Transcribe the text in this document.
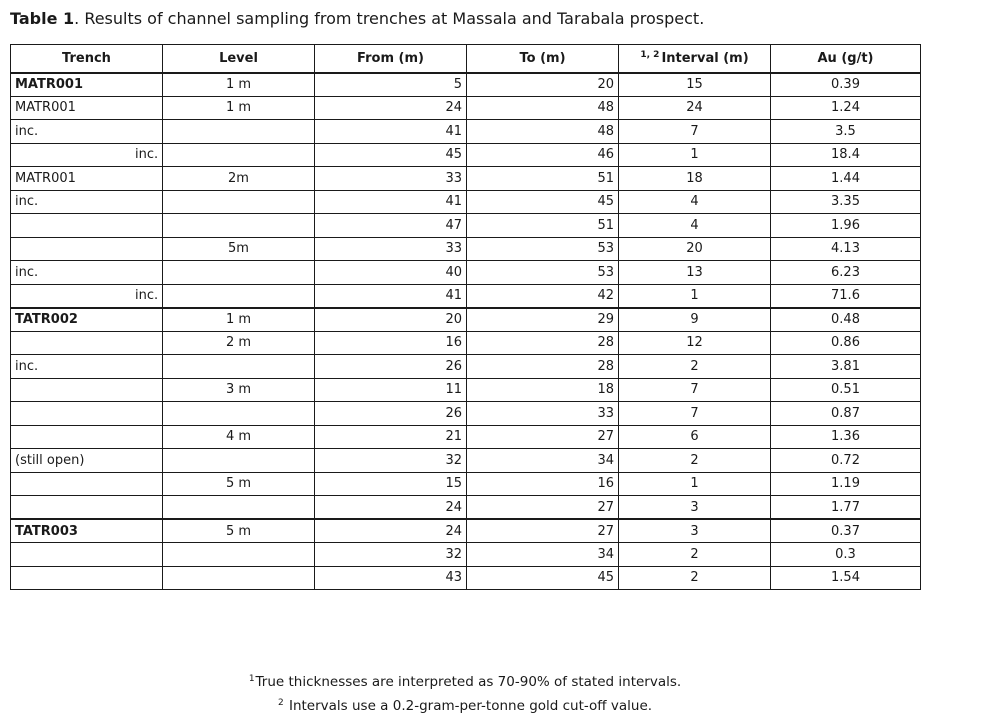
Table 1. Results of channel sampling from trenches at Massala and Tarabala prospect.
Trench	Level	From (m)	To (m)	$^{1, 2}$ Interval (m)	Au (g/t)
MATR001	1 m	5	20	15	0.39
MATR001	1 m	24	48	24	1.24
inc.		41	48	7	3.5
inc.		45	46	1	18.4
MATR001	2m	33	51	18	1.44
inc.		41	45	4	3.35
		47	51	4	1.96
	5m	33	53	20	4.13
inc.		40	53	13	6.23
inc.		41	42	1	71.6
TATR002	1 m	20	29	9	0.48
	2 m	16	28	12	0.86
inc.		26	28	2	3.81
	3 m	11	18	7	0.51
		26	33	7	0.87
	4 m	21	27	6	1.36
(still open)		32	34	2	0.72
	5 m	15	16	1	1.19
		24	27	3	1.77
TATR003	5 m	24	27	3	0.37
		32	34	2	0.3
		43	45	2	1.54
$^1$True thicknesses are interpreted as 70-90% of stated intervals.
$^2$ Intervals use a 0.2-gram-per-tonne gold cut-off value.
